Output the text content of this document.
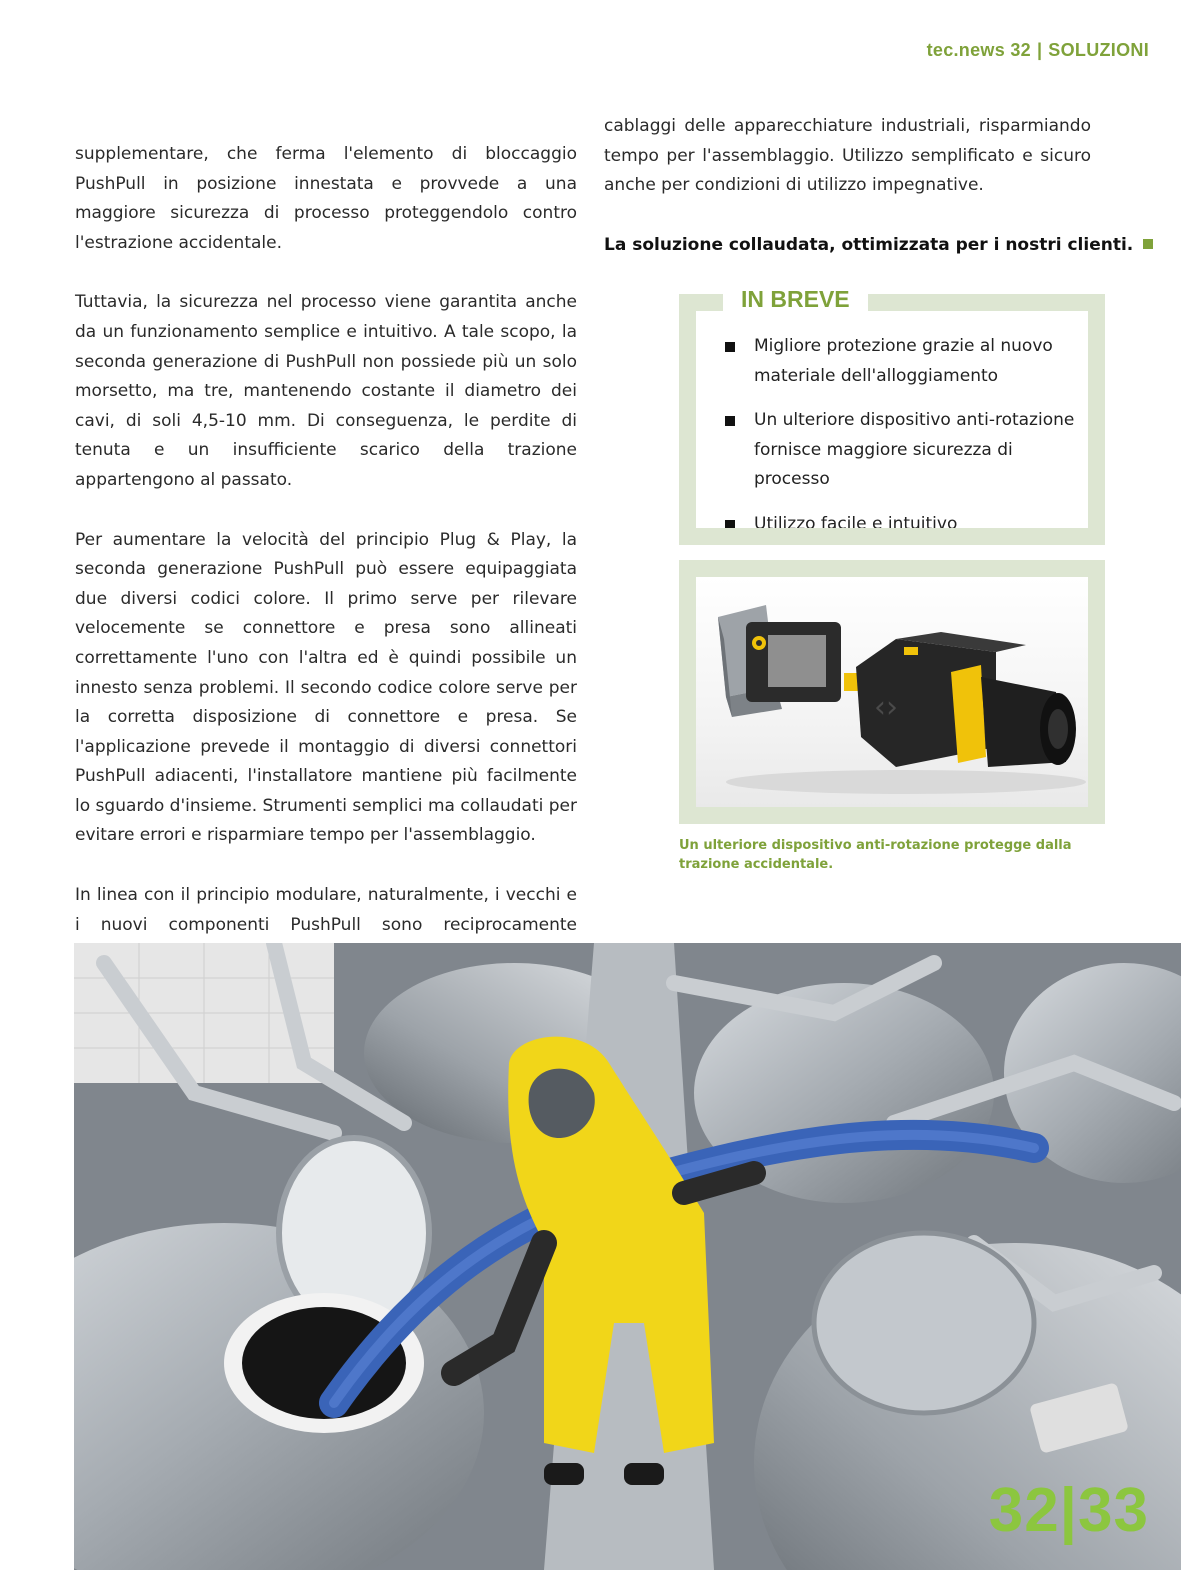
tec.news 32 | SOLUZIONI

supplementare, che ferma l'elemento di bloccaggio PushPull in posizione innestata e provvede a una maggiore sicurezza di processo proteggendolo contro l'estrazione accidentale.

Tuttavia, la sicurezza nel processo viene garantita anche da un funzionamento semplice e intuitivo. A tale scopo, la seconda generazione di PushPull non possiede più un solo morsetto, ma tre, mantenendo costante il diametro dei cavi, di soli 4,5-10 mm. Di conseguenza, le perdite di tenuta e un insufficiente scarico della trazione appartengono al passato.

Per aumentare la velocità del principio Plug & Play, la seconda generazione PushPull può essere equipaggiata due diversi codici colore. Il primo serve per rilevare velocemente se connettore e presa sono allineati correttamente l'uno con l'altra ed è quindi possibile un innesto senza problemi. Il secondo codice colore serve per la corretta disposizione di connettore e presa. Se l'applicazione prevede il montaggio di diversi connettori PushPull adiacenti, l'installatore mantiene più facilmente lo sguardo d'insieme. Strumenti semplici ma collaudati per evitare errori e risparmiare tempo per l'assemblaggio.

In linea con il principio modulare, naturalmente, i vecchi e i nuovi componenti PushPull sono reciprocamente

cablaggi delle apparecchiature industriali, risparmiando tempo per l'assemblaggio. Utilizzo semplificato e sicuro anche per condizioni di utilizzo impegnative.

La soluzione collaudata, ottimizzata per i nostri clienti.
Migliore protezione grazie al nuovo materiale dell'alloggiamento
Un ulteriore dispositivo anti-rotazione fornisce maggiore sicurezza di processo
Utilizzo facile e intuitivo
IN BREVE
‹›
Un ulteriore dispositivo anti-rotazione protegge dalla trazione accidentale.
32|33
